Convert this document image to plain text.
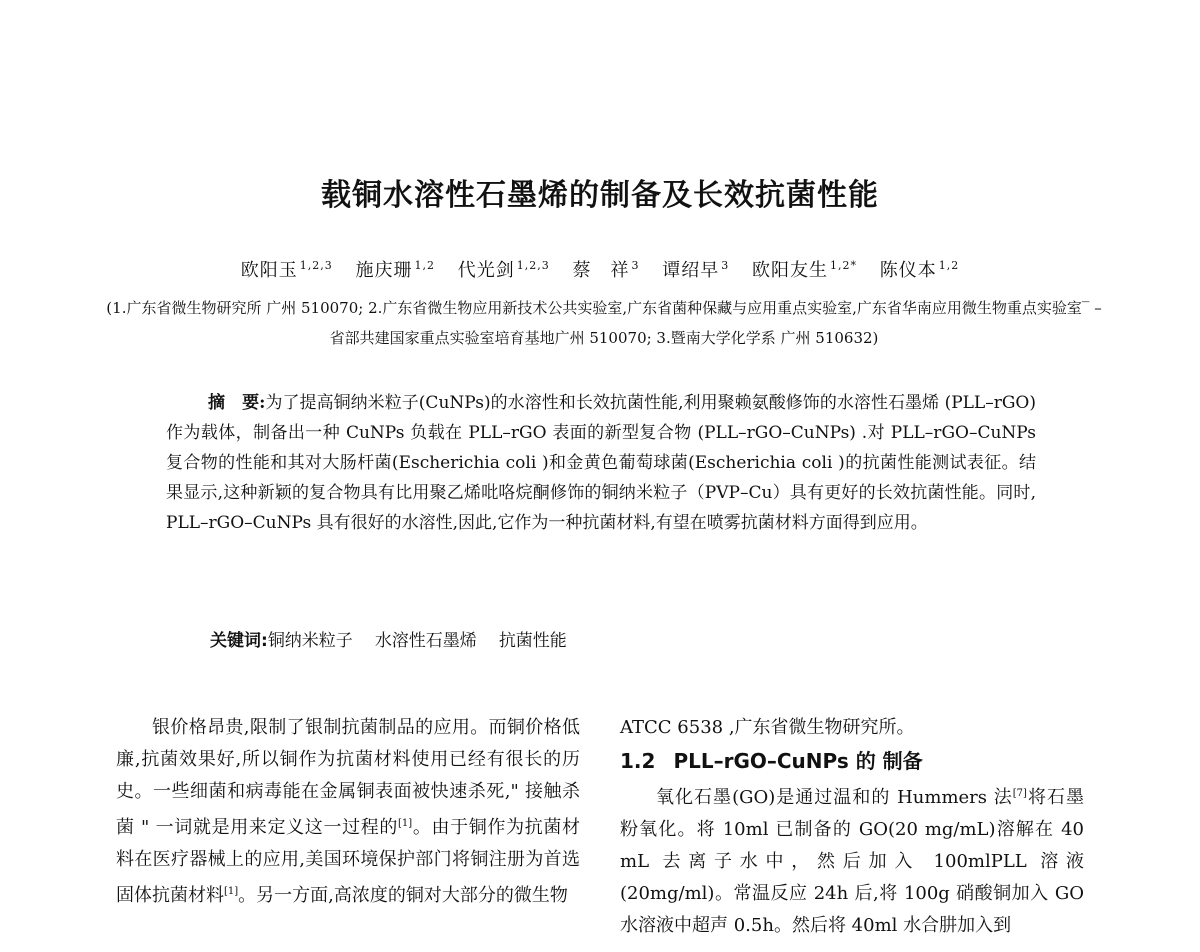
载铜水溶性石墨烯的制备及长效抗菌性能
欧阳玉 $^{1,2,3}$ 施庆珊 $^{1,2}$ 代光剑 $^{1,2,3}$ 蔡　祥 $^3$ 谭绍早 $^3$ 欧阳友生 $^{1,2*}$ 陈仪本 $^{1,2}$
(1.广东省微生物研究所 广州 510070; 2.广东省微生物应用新技术公共实验室,广东省菌种保藏与应用重点实验室,广东省华南应用微生物重点实验室‾ – 省部共建国家重点实验室培育基地广州 510070; 3.暨南大学化学系 广州 510632)
摘　要:为了提高铜纳米粒子(CuNPs)的水溶性和长效抗菌性能,利用聚赖氨酸修饰的水溶性石墨烯 (PLL–rGO) 作为载体，制备出一种 CuNPs 负载在 PLL–rGO 表面的新型复合物 (PLL–rGO–CuNPs) .对 PLL–rGO–CuNPs 复合物的性能和其对大肠杆菌(Escherichia coli )和金黄色葡萄球菌(Escherichia coli )的抗菌性能测试表征。结果显示,这种新颖的复合物具有比用聚乙烯吡咯烷酮修饰的铜纳米粒子（PVP–Cu）具有更好的长效抗菌性能。同时, PLL–rGO–CuNPs 具有很好的水溶性,因此,它作为一种抗菌材料,有望在喷雾抗菌材料方面得到应用。
关键词:铜纳米粒子 水溶性石墨烯 抗菌性能
银价格昂贵,限制了银制抗菌制品的应用。而铜价格低廉,抗菌效果好,所以铜作为抗菌材料使用已经有很长的历史。一些细菌和病毒能在金属铜表面被快速杀死," 接触杀菌 " 一词就是用来定义这一过程的[1]。由于铜作为抗菌材料在医疗器械上的应用,美国环境保护部门将铜注册为首选固体抗菌材料[1]。另一方面,高浓度的铜对大部分的微生物

ATCC 6538 ,广东省微生物研究所。

1.2 PLL–rGO–CuNPs 的 制备

氧化石墨(GO)是通过温和的 Hummers 法[7]将石墨粉氧化。将 10ml 已制备的 GO(20 mg/mL)溶解在 40 mL 去离子水中，然后加入 100mlPLL 溶液(20mg/ml)。常温反应 24h 后,将 100g 硝酸铜加入 GO 水溶液中超声 0.5h。然后将 40ml 水合肼加入到
